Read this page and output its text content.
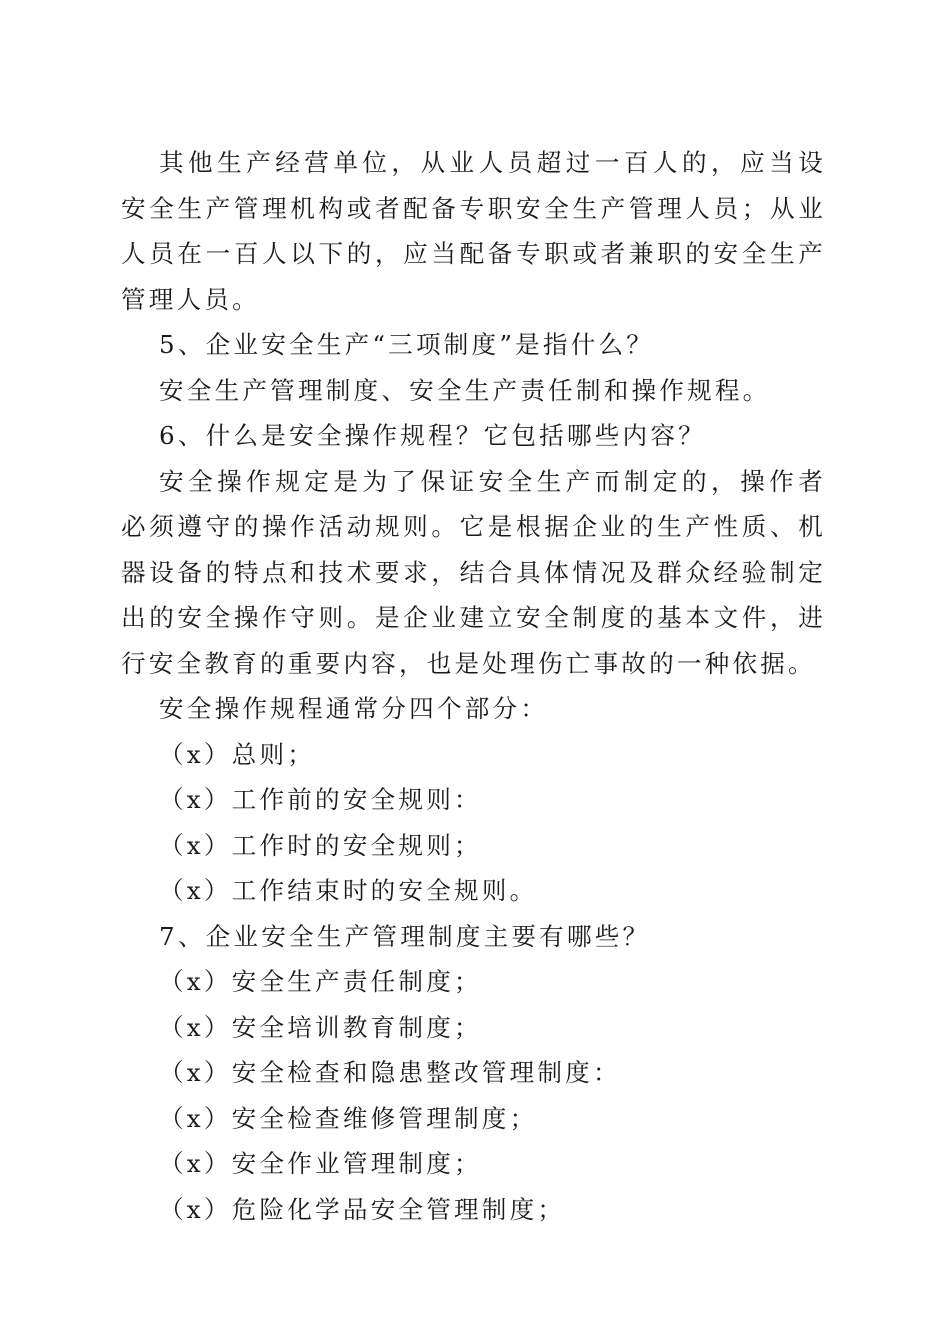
其他生产经营单位，从业人员超过一百人的，应当设安全生产管理机构或者配备专职安全生产管理人员；从业人员在一百人以下的，应当配备专职或者兼职的安全生产管理人员。

5、企业安全生产“三项制度”是指什么？

安全生产管理制度、安全生产责任制和操作规程。

6、什么是安全操作规程？它包括哪些内容？

安全操作规定是为了保证安全生产而制定的，操作者必须遵守的操作活动规则。它是根据企业的生产性质、机器设备的特点和技术要求，结合具体情况及群众经验制定出的安全操作守则。是企业建立安全制度的基本文件，进行安全教育的重要内容，也是处理伤亡事故的一种依据。

安全操作规程通常分四个部分：

（x）总则；

（x）工作前的安全规则：

（x）工作时的安全规则；

（x）工作结束时的安全规则。

7、企业安全生产管理制度主要有哪些？

（x）安全生产责任制度；

（x）安全培训教育制度；

（x）安全检查和隐患整改管理制度：

（x）安全检查维修管理制度；

（x）安全作业管理制度；

（x）危险化学品安全管理制度；
